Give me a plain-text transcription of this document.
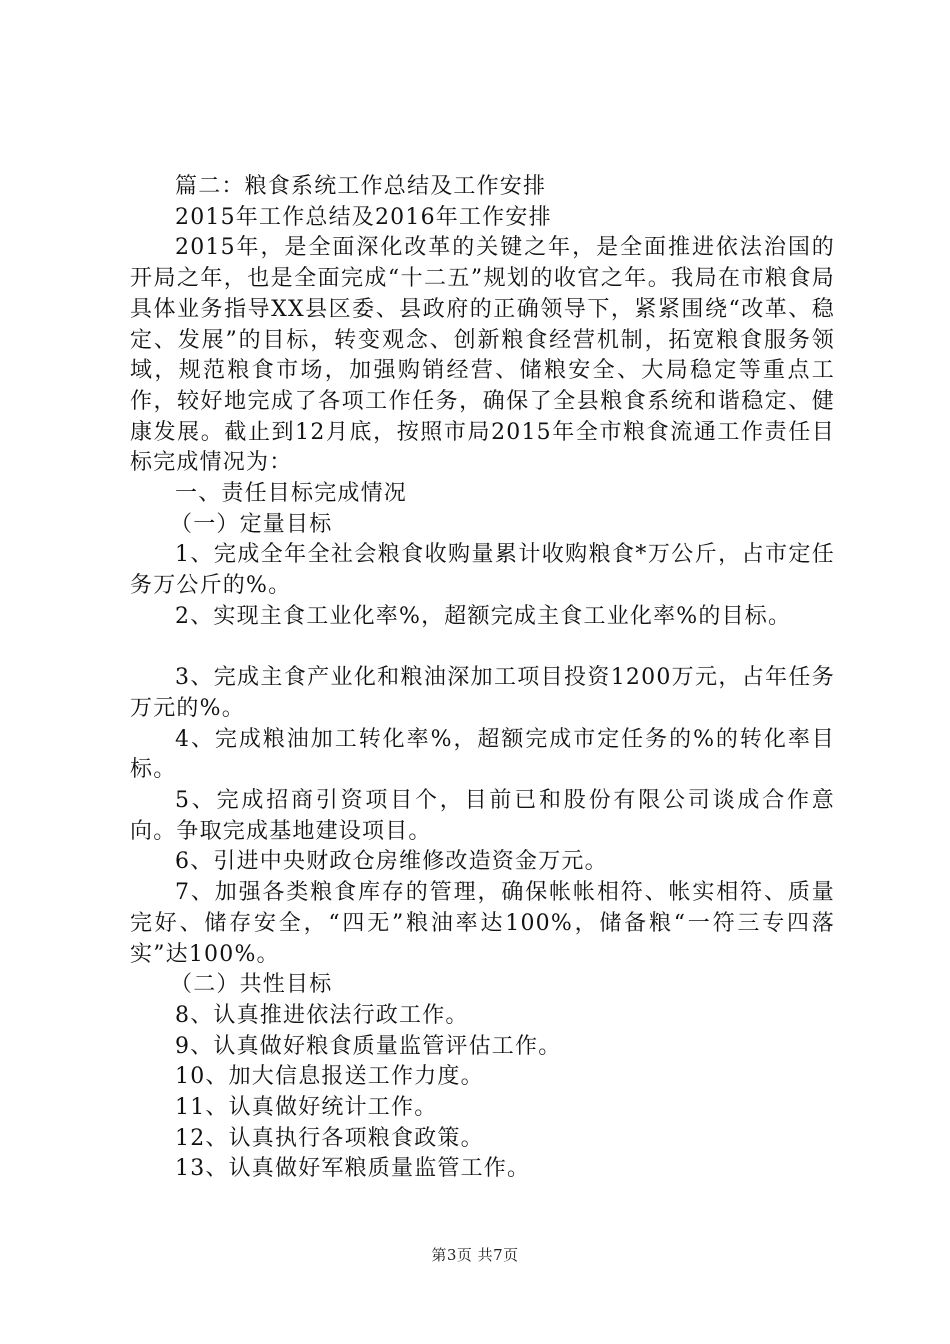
篇二：粮食系统工作总结及工作安排
2015年工作总结及2016年工作安排

2015年，是全面深化改革的关键之年，是全面推进依法治国的开局之年，也是全面完成“十二五”规划的收官之年。我局在市粮食局具体业务指导XX县区委、县政府的正确领导下，紧紧围绕“改革、稳定、发展”的目标，转变观念、创新粮食经营机制，拓宽粮食服务领域，规范粮食市场，加强购销经营、储粮安全、大局稳定等重点工作，较好地完成了各项工作任务，确保了全县粮食系统和谐稳定、健康发展。截止到12月底，按照市局2015年全市粮食流通工作责任目标完成情况为：

一、责任目标完成情况
（一）定量目标

1、完成全年全社会粮食收购量累计收购粮食*万公斤，占市定任务万公斤的%。

2、实现主食工业化率%，超额完成主食工业化率%的目标。

3、完成主食产业化和粮油深加工项目投资1200万元，占年任务万元的%。

4、完成粮油加工转化率%，超额完成市定任务的%的转化率目标。

5、完成招商引资项目个，目前已和股份有限公司谈成合作意向。争取完成基地建设项目。

6、引进中央财政仓房维修改造资金万元。

7、加强各类粮食库存的管理，确保帐帐相符、帐实相符、质量完好、储存安全，“四无”粮油率达100%，储备粮“一符三专四落实”达100%。

（二）共性目标
8、认真推进依法行政工作。
9、认真做好粮食质量监管评估工作。
10、加大信息报送工作力度。
11、认真做好统计工作。
12、认真执行各项粮食政策。
13、认真做好军粮质量监管工作。
第3页 共7页
